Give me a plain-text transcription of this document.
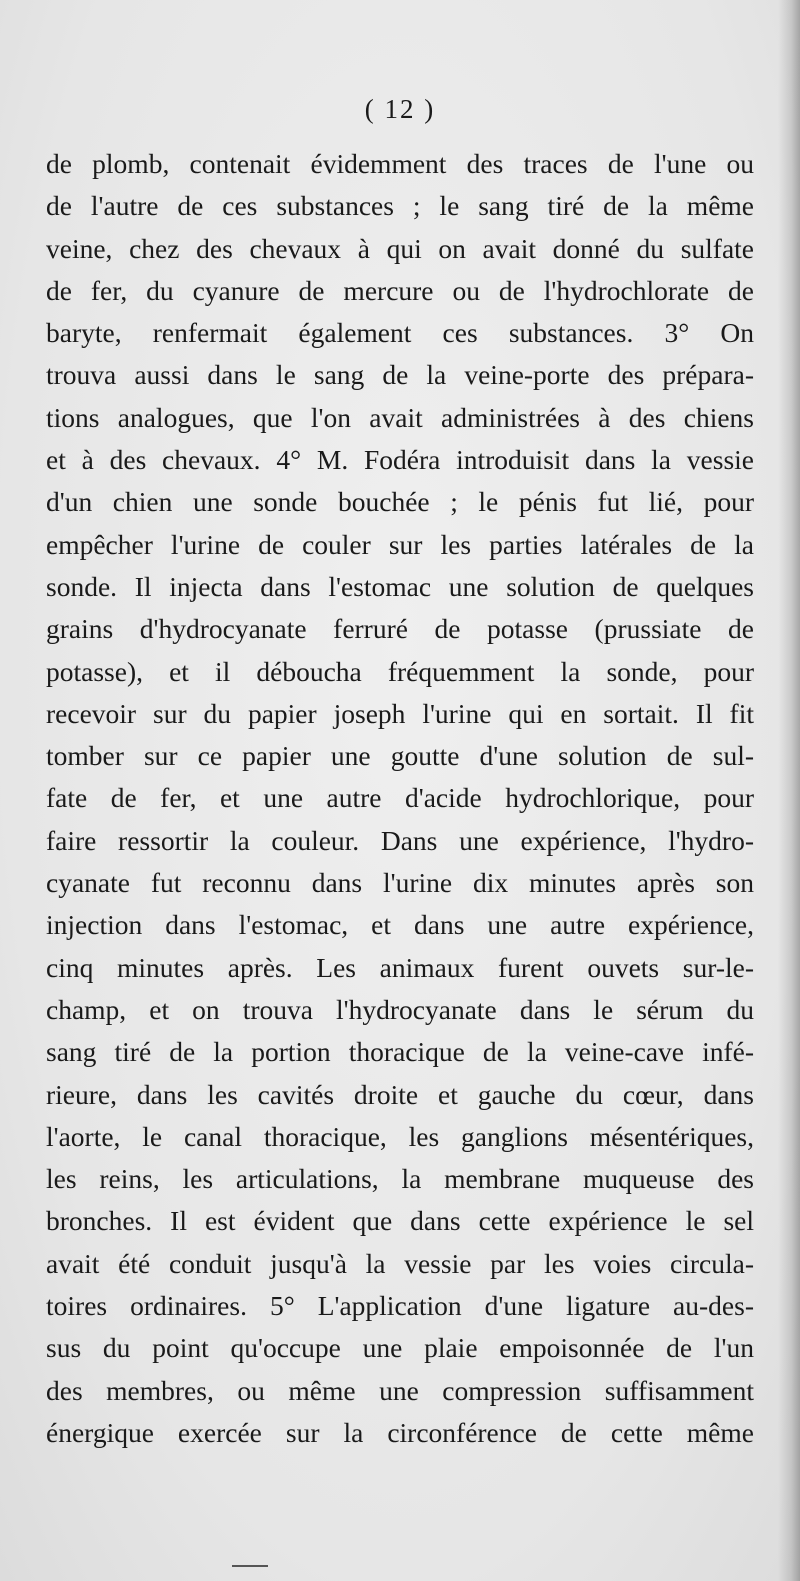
( 12 )
de plomb, contenait évidemment des traces de l'une ou
de l'autre de ces substances ; le sang tiré de la même
veine, chez des chevaux à qui on avait donné du sulfate
de fer, du cyanure de mercure ou de l'hydrochlorate de
baryte, renfermait également ces substances. 3° On
trouva aussi dans le sang de la veine-porte des prépara-
tions analogues, que l'on avait administrées à des chiens
et à des chevaux. 4° M. Fodéra introduisit dans la vessie
d'un chien une sonde bouchée ; le pénis fut lié, pour
empêcher l'urine de couler sur les parties latérales de la
sonde. Il injecta dans l'estomac une solution de quelques
grains d'hydrocyanate ferruré de potasse (prussiate de
potasse), et il déboucha fréquemment la sonde, pour
recevoir sur du papier joseph l'urine qui en sortait. Il fit
tomber sur ce papier une goutte d'une solution de sul-
fate de fer, et une autre d'acide hydrochlorique, pour
faire ressortir la couleur. Dans une expérience, l'hydro-
cyanate fut reconnu dans l'urine dix minutes après son
injection dans l'estomac, et dans une autre expérience,
cinq minutes après. Les animaux furent ouvets sur-le-
champ, et on trouva l'hydrocyanate dans le sérum du
sang tiré de la portion thoracique de la veine-cave infé-
rieure, dans les cavités droite et gauche du cœur, dans
l'aorte, le canal thoracique, les ganglions mésentériques,
les reins, les articulations, la membrane muqueuse des
bronches. Il est évident que dans cette expérience le sel
avait été conduit jusqu'à la vessie par les voies circula-
toires ordinaires. 5° L'application d'une ligature au-des-
sus du point qu'occupe une plaie empoisonnée de l'un
des membres, ou même une compression suffisamment
énergique exercée sur la circonférence de cette même
